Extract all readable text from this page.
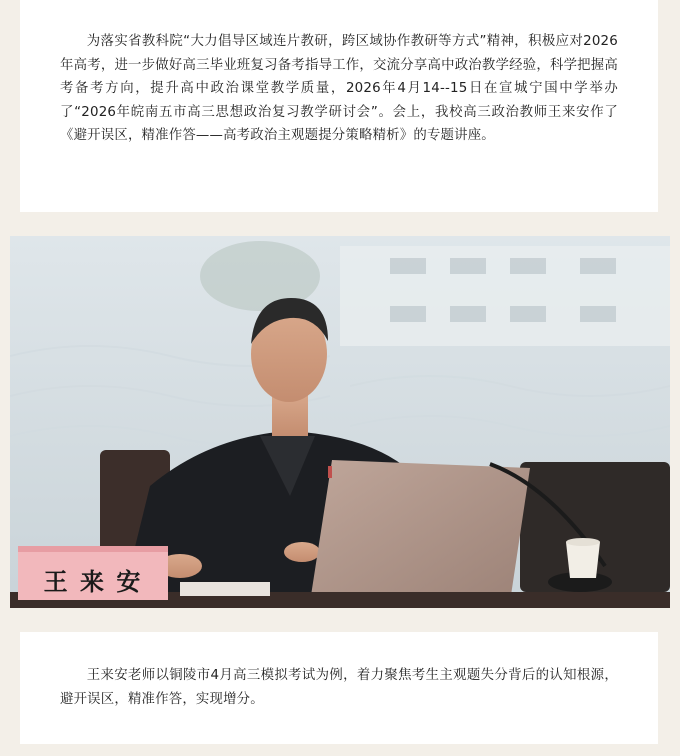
为落实省教科院“大力倡导区域连片教研，跨区域协作教研等方式”精神，积极应对2026年高考，进一步做好高三毕业班复习备考指导工作，交流分享高中政治教学经验，科学把握高考备考方向，提升高中政治课堂教学质量，2026年4月14--15日在宣城宁国中学举办了“2026年皖南五市高三思想政治复习教学研讨会”。会上，我校高三政治教师王来安作了《避开误区，精准作答——高考政治主观题提分策略精析》的专题讲座。

王 来 安

王来安老师以铜陵市4月高三模拟考试为例，着力聚焦考生主观题失分背后的认知根源，避开误区，精准作答，实现增分。
